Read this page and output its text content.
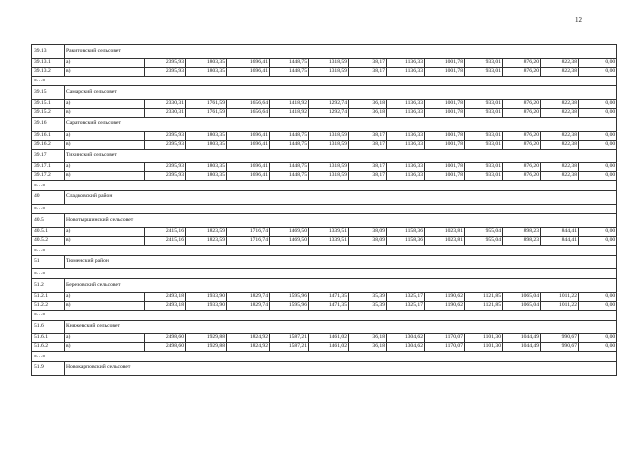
12
39.13	Ракитовский сельсовет												
39.13.1	а)	2395,93	1803,35	1696,41	1448,75	1318,59	38,17	1136,33	1001,78	933,01	876,20	822,38	0,00
39.13.2	в)	2395,93	1803,35	1696,41	1448,75	1318,59	38,17	1136,33	1001,78	933,01	876,20	822,38	0,00
«…»													
39.15	Самарский сельсовет												
39.15.1	а)	2330,31	1761,59	1656,64	1418,92	1292,74	36,18	1136,33	1001,78	933,01	876,20	822,38	0,00
39.15.2	в)	2330,31	1761,59	1656,64	1418,92	1292,74	36,18	1136,33	1001,78	933,01	876,20	822,38	0,00
39.16	Саратовский сельсовет												
39.16.1	а)	2395,93	1803,35	1696,41	1448,75	1318,59	38,17	1136,33	1001,78	933,01	876,20	822,38	0,00
39.16.2	в)	2395,93	1803,35	1696,41	1448,75	1318,59	38,17	1136,33	1001,78	933,01	876,20	822,38	0,00
39.17	Тихинский сельсовет												
39.17.1	а)	2395,93	1803,35	1696,41	1448,75	1318,59	38,17	1136,33	1001,78	933,01	876,20	822,38	0,00
39.17.2	в)	2395,93	1803,35	1696,41	1448,75	1318,59	38,17	1136,33	1001,78	933,01	876,20	822,38	0,00
«…»													
40	Сладковский район												
«…»													
40.5	Новотыршинский сельсовет												
40.5.1	а)	2415,16	1823,59	1716,74	1469,50	1339,51	38,09	1158,36	1023,81	955,04	898,23	844,41	0,00
40.5.2	в)	2415,16	1823,59	1716,74	1469,50	1339,51	38,09	1158,36	1023,81	955,04	898,23	844,41	0,00
«…»													
51	Тюменский район												
«…»													
51.2	Березовский сельсовет												
51.2.1	а)	2493,18	1933,90	1829,74	1595,96	1471,35	35,39	1325,17	1190,62	1121,85	1065,04	1011,22	0,00
51.2.2	в)	2493,18	1933,90	1829,74	1595,96	1471,35	35,39	1325,17	1190,62	1121,85	1065,04	1011,22	0,00
«…»													
51.6	Княжевский сельсовет												
51.6.1	а)	2498,60	1929,88	1824,92	1587,21	1461,02	36,18	1304,62	1170,07	1101,30	1044,49	990,67	0,00
51.6.2	в)	2498,60	1929,88	1824,92	1587,21	1461,02	36,18	1304,62	1170,07	1101,30	1044,49	990,67	0,00
«…»													
51.9	Новокарповский сельсовет												
